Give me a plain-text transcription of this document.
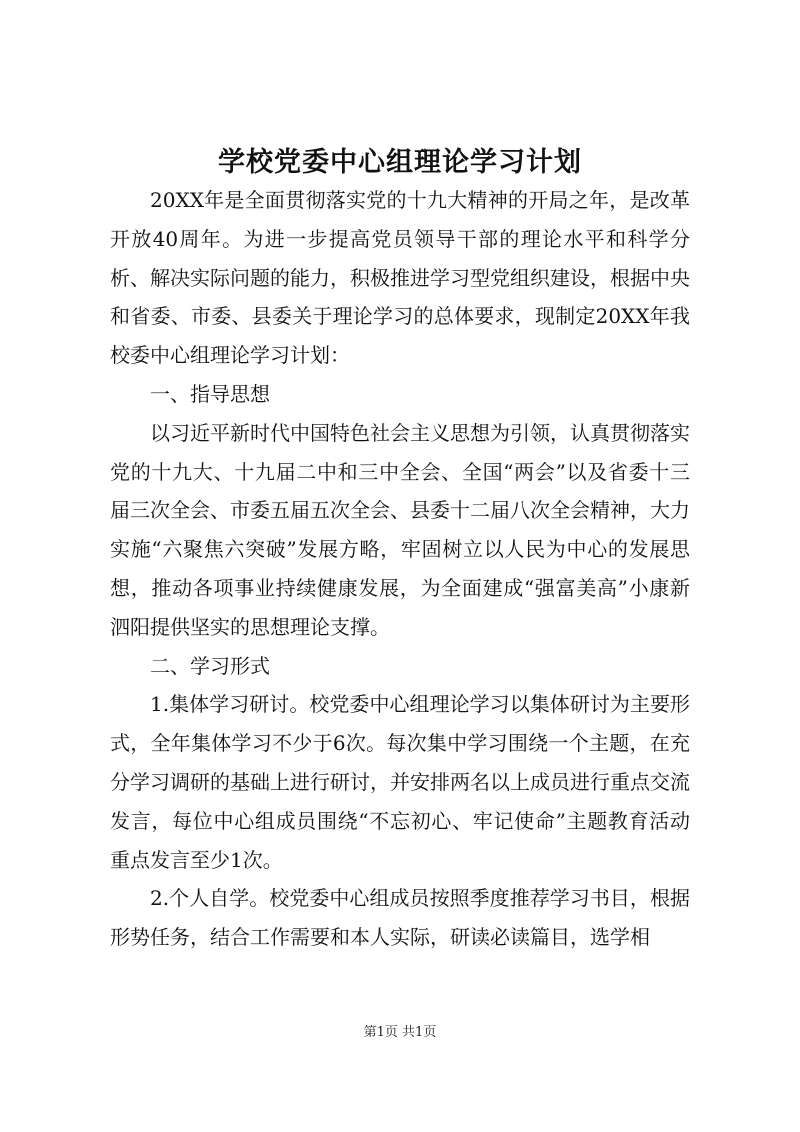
学校党委中心组理论学习计划

20XX年是全面贯彻落实党的十九大精神的开局之年，是改革开放40周年。为进一步提高党员领导干部的理论水平和科学分析、解决实际问题的能力，积极推进学习型党组织建设，根据中央和省委、市委、县委关于理论学习的总体要求，现制定20XX年我校委中心组理论学习计划：

一、指导思想

以习近平新时代中国特色社会主义思想为引领，认真贯彻落实党的十九大、十九届二中和三中全会、全国“两会”以及省委十三届三次全会、市委五届五次全会、县委十二届八次全会精神，大力实施“六聚焦六突破”发展方略，牢固树立以人民为中心的发展思想，推动各项事业持续健康发展，为全面建成“强富美高”小康新泗阳提供坚实的思想理论支撑。

二、学习形式

1.集体学习研讨。校党委中心组理论学习以集体研讨为主要形式，全年集体学习不少于6次。每次集中学习围绕一个主题，在充分学习调研的基础上进行研讨，并安排两名以上成员进行重点交流发言，每位中心组成员围绕“不忘初心、牢记使命”主题教育活动重点发言至少1次。

2.个人自学。校党委中心组成员按照季度推荐学习书目，根据形势任务，结合工作需要和本人实际，研读必读篇目，选学相

第1页 共1页
